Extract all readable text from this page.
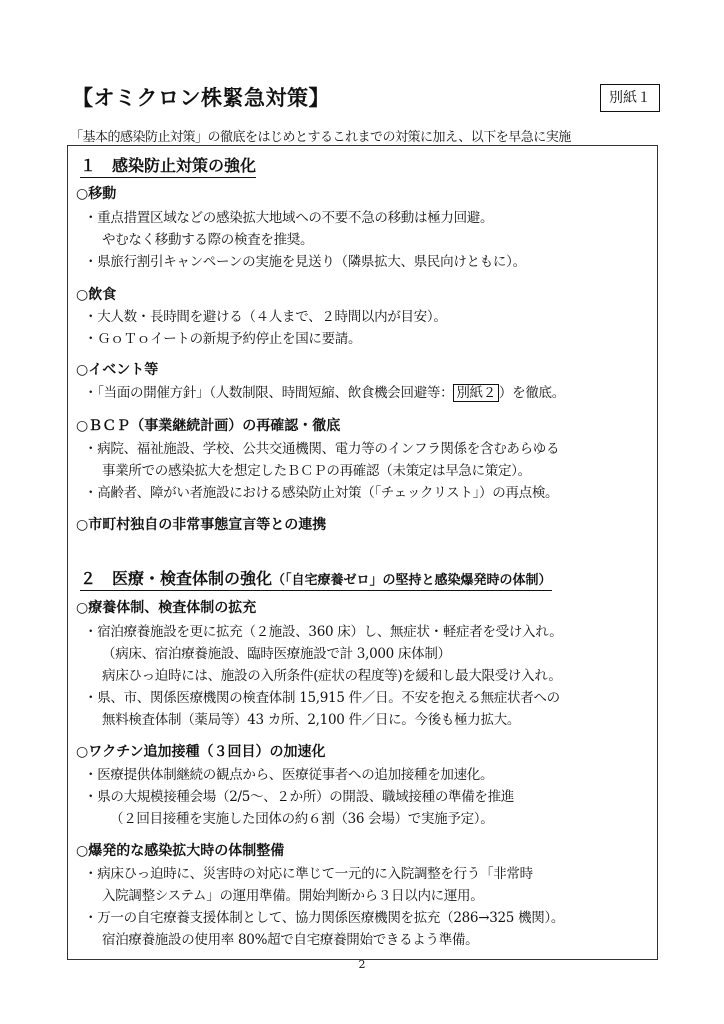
【オミクロン株緊急対策】	別紙１
「基本的感染防止対策」の徹底をはじめとするこれまでの対策に加え、以下を早急に実施
１　感染防止対策の強化
○移動
・重点措置区域などの感染拡大地域への不要不急の移動は極力回避。
やむなく移動する際の検査を推奨。
・県旅行割引キャンペーンの実施を見送り（隣県拡大、県民向けともに）。
○飲食
・大人数・長時間を避ける（４人まで、２時間以内が目安）。
・ＧｏＴｏイートの新規予約停止を国に要請。
○イベント等
・「当面の開催方針」（人数制限、時間短縮、飲食機会回避等： 別紙２ ）を徹底。
○ＢＣＰ（事業継続計画）の再確認・徹底
・病院、福祉施設、学校、公共交通機関、電力等のインフラ関係を含むあらゆる
事業所での感染拡大を想定したＢＣＰの再確認（未策定は早急に策定）。
・高齢者、障がい者施設における感染防止対策（「チェックリスト」）の再点検。
○市町村独自の非常事態宣言等との連携
２　医療・検査体制の強化（「自宅療養ゼロ」の堅持と感染爆発時の体制）
○療養体制、検査体制の拡充
・宿泊療養施設を更に拡充（２施設、360 床）し、無症状・軽症者を受け入れ。
（病床、宿泊療養施設、臨時医療施設で計 3,000 床体制）
病床ひっ迫時には、施設の入所条件(症状の程度等)を緩和し最大限受け入れ。
・県、市、関係医療機関の検査体制 15,915 件／日。不安を抱える無症状者への
無料検査体制（薬局等）43 カ所、2,100 件／日に。今後も極力拡大。
○ワクチン追加接種（３回目）の加速化
・医療提供体制継続の観点から、医療従事者への追加接種を加速化。
・県の大規模接種会場（2/5～、２か所）の開設、職域接種の準備を推進
（２回目接種を実施した団体の約６割（36 会場）で実施予定）。
○爆発的な感染拡大時の体制整備
・病床ひっ迫時に、災害時の対応に準じて一元的に入院調整を行う「非常時
入院調整システム」の運用準備。開始判断から３日以内に運用。
・万一の自宅療養支援体制として、協力関係医療機関を拡充（286→325 機関）。
宿泊療養施設の使用率 80%超で自宅療養開始できるよう準備。
2
